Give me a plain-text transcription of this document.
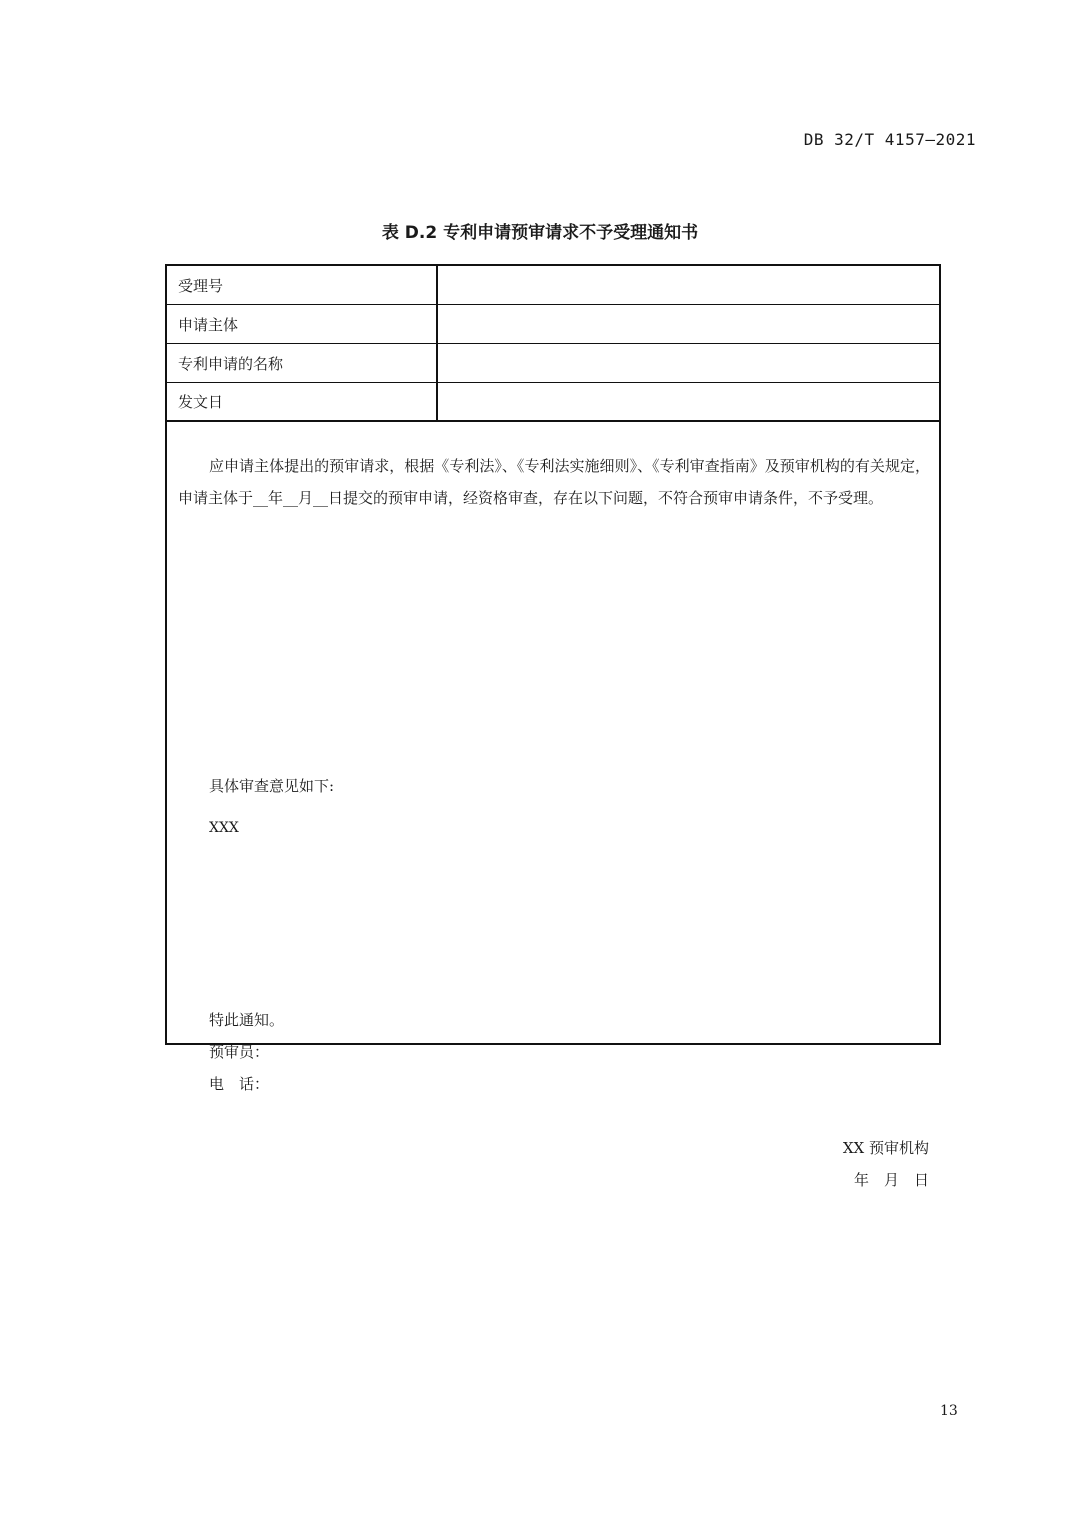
DB 32/T 4157—2021
表 D.2 专利申请预审请求不予受理通知书
受理号
申请主体
专利申请的名称
发文日

应申请主体提出的预审请求，根据《专利法》、《专利法实施细则》、《专利审查指南》及预审机构的有关规定，申请主体于__年__月__日提交的预审申请，经资格审查，存在以下问题，不符合预审申请条件，不予受理。

具体审查意见如下:
XXX
特此通知。
预审员：
电　话：
XX 预审机构
年　月　日
13
